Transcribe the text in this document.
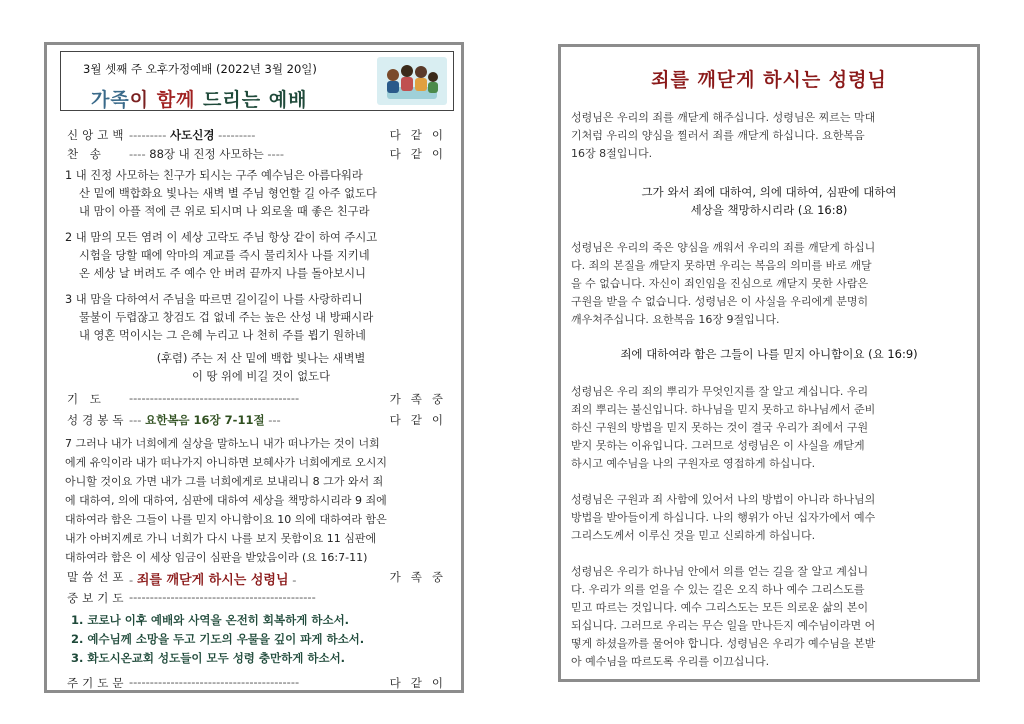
3월 셋째 주 오후가정예배 (2022년 3월 20일)
가족이 함께 드리는 예배
신앙고백 --------- 사도신경 ---------	다같이
찬 송 ---- 88장 내 진정 사모하는 ----	다같이
1 내 진정 사모하는 친구가 되시는 구주 예수님은 아름다워라
산 밑에 백합화요 빛나는 새벽 별 주님 형언할 길 아주 없도다
내 맘이 아플 적에 큰 위로 되시며 나 외로울 때 좋은 친구라
2 내 맘의 모든 염려 이 세상 고락도 주님 항상 같이 하여 주시고
시험을 당할 때에 악마의 계교를 즉시 물리치사 나를 지키네
온 세상 날 버려도 주 예수 안 버려 끝까지 나를 돌아보시니
3 내 맘을 다하여서 주님을 따르면 길이길이 나를 사랑하리니
물불이 두렵잖고 창검도 겁 없네 주는 높은 산성 내 방패시라
내 영혼 먹이시는 그 은혜 누리고 나 천히 주를 뵙기 원하네
(후렴) 주는 저 산 밑에 백합 빛나는 새벽별
이 땅 위에 비길 것이 없도다
기 도 -----------------------------------------	가족중
성경봉독 --- 요한복음 16장 7-11절 ---	다같이
7 그러나 내가 너희에게 실상을 말하노니 내가 떠나가는 것이 너희
에게 유익이라 내가 떠나가지 아니하면 보혜사가 너희에게로 오시지
아니할 것이요 가면 내가 그를 너희에게로 보내리니 8 그가 와서 죄
에 대하여, 의에 대하여, 심판에 대하여 세상을 책망하시리라 9 죄에
대하여라 함은 그들이 나를 믿지 아니함이요 10 의에 대하여라 함은
내가 아버지께로 가니 너희가 다시 나를 보지 못함이요 11 심판에
대하여라 함은 이 세상 임금이 심판을 받았음이라 (요 16:7-11)
말씀선포 - 죄를 깨닫게 하시는 성령님 -	가족중
중보기도 ---------------------------------------------
1. 코로나 이후 예배와 사역을 온전히 회복하게 하소서.
2. 예수님께 소망을 두고 기도의 우물을 깊이 파게 하소서.
3. 화도시온교회 성도들이 모두 성령 충만하게 하소서.
주기도문 -----------------------------------------	다같이
죄를 깨닫게 하시는 성령님
성령님은 우리의 죄를 깨닫게 해주십니다. 성령님은 찌르는 막대
기처럼 우리의 양심을 찔러서 죄를 깨닫게 하십니다. 요한복음
16장 8절입니다.
그가 와서 죄에 대하여, 의에 대하여, 심판에 대하여
세상을 책망하시리라 (요 16:8)
성령님은 우리의 죽은 양심을 깨워서 우리의 죄를 깨닫게 하십니
다. 죄의 본질을 깨닫지 못하면 우리는 복음의 의미를 바로 깨달
을 수 없습니다. 자신이 죄인임을 진심으로 깨닫지 못한 사람은
구원을 받을 수 없습니다. 성령님은 이 사실을 우리에게 분명히
깨우쳐주십니다. 요한복음 16장 9절입니다.
죄에 대하여라 함은 그들이 나를 믿지 아니함이요 (요 16:9)
성령님은 우리 죄의 뿌리가 무엇인지를 잘 알고 계십니다. 우리
죄의 뿌리는 불신입니다. 하나님을 믿지 못하고 하나님께서 준비
하신 구원의 방법을 믿지 못하는 것이 결국 우리가 죄에서 구원
받지 못하는 이유입니다. 그러므로 성령님은 이 사실을 깨닫게
하시고 예수님을 나의 구원자로 영접하게 하십니다.
성령님은 구원과 죄 사함에 있어서 나의 방법이 아니라 하나님의
방법을 받아들이게 하십니다. 나의 행위가 아닌 십자가에서 예수
그리스도께서 이루신 것을 믿고 신뢰하게 하십니다.
성령님은 우리가 하나님 안에서 의를 얻는 길을 잘 알고 계십니
다. 우리가 의를 얻을 수 있는 길은 오직 하나 예수 그리스도를
믿고 따르는 것입니다. 예수 그리스도는 모든 의로운 삶의 본이
되십니다. 그러므로 우리는 무슨 일을 만나든지 예수님이라면 어
떻게 하셨을까를 물어야 합니다. 성령님은 우리가 예수님을 본받
아 예수님을 따르도록 우리를 이끄십니다.
